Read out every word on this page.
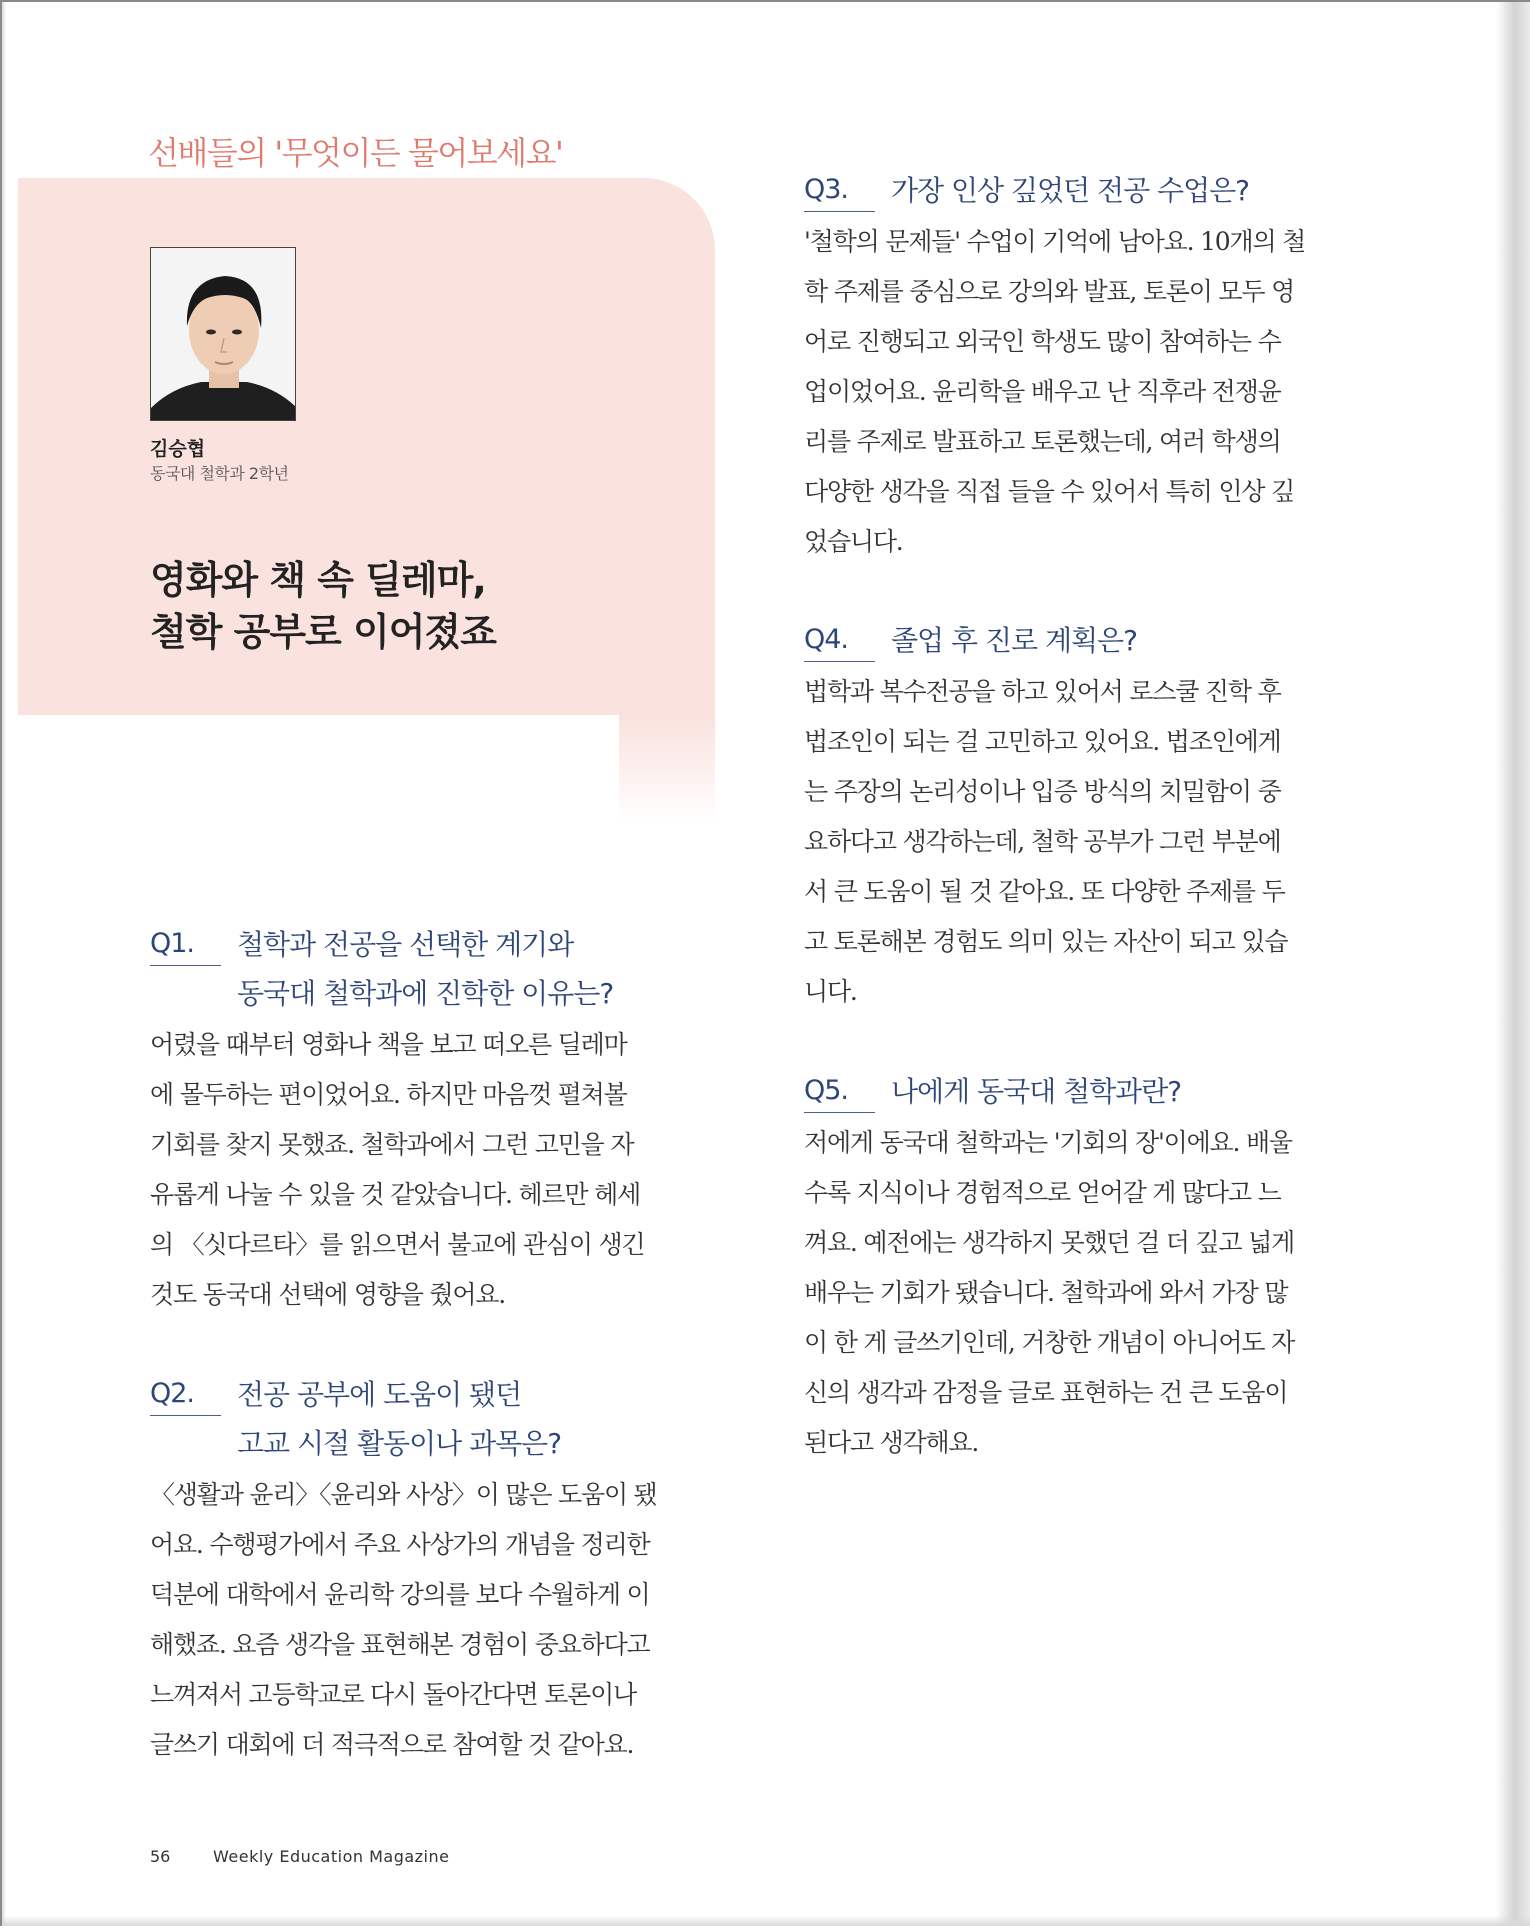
선배들의 '무엇이든 물어보세요'
김승협
동국대 철학과 2학년
영화와 책 속 딜레마,
철학 공부로 이어졌죠
Q1.	철학과 전공을 선택한 계기와
동국대 철학과에 진학한 이유는?
어렸을 때부터 영화나 책을 보고 떠오른 딜레마
에 몰두하는 편이었어요. 하지만 마음껏 펼쳐볼
기회를 찾지 못했죠. 철학과에서 그런 고민을 자
유롭게 나눌 수 있을 것 같았습니다. 헤르만 헤세
의 〈싯다르타〉를 읽으면서 불교에 관심이 생긴
것도 동국대 선택에 영향을 줬어요.
Q2.	전공 공부에 도움이 됐던
고교 시절 활동이나 과목은?
〈생활과 윤리〉〈윤리와 사상〉이 많은 도움이 됐
어요. 수행평가에서 주요 사상가의 개념을 정리한
덕분에 대학에서 윤리학 강의를 보다 수월하게 이
해했죠. 요즘 생각을 표현해본 경험이 중요하다고
느껴져서 고등학교로 다시 돌아간다면 토론이나
글쓰기 대회에 더 적극적으로 참여할 것 같아요.
Q3.	가장 인상 깊었던 전공 수업은?
'철학의 문제들' 수업이 기억에 남아요. 10개의 철
학 주제를 중심으로 강의와 발표, 토론이 모두 영
어로 진행되고 외국인 학생도 많이 참여하는 수
업이었어요. 윤리학을 배우고 난 직후라 전쟁윤
리를 주제로 발표하고 토론했는데, 여러 학생의
다양한 생각을 직접 들을 수 있어서 특히 인상 깊
었습니다.
Q4.	졸업 후 진로 계획은?
법학과 복수전공을 하고 있어서 로스쿨 진학 후
법조인이 되는 걸 고민하고 있어요. 법조인에게
는 주장의 논리성이나 입증 방식의 치밀함이 중
요하다고 생각하는데, 철학 공부가 그런 부분에
서 큰 도움이 될 것 같아요. 또 다양한 주제를 두
고 토론해본 경험도 의미 있는 자산이 되고 있습
니다.
Q5.	나에게 동국대 철학과란?
저에게 동국대 철학과는 '기회의 장'이에요. 배울
수록 지식이나 경험적으로 얻어갈 게 많다고 느
껴요. 예전에는 생각하지 못했던 걸 더 깊고 넓게
배우는 기회가 됐습니다. 철학과에 와서 가장 많
이 한 게 글쓰기인데, 거창한 개념이 아니어도 자
신의 생각과 감정을 글로 표현하는 건 큰 도움이
된다고 생각해요.
56	Weekly Education Magazine
